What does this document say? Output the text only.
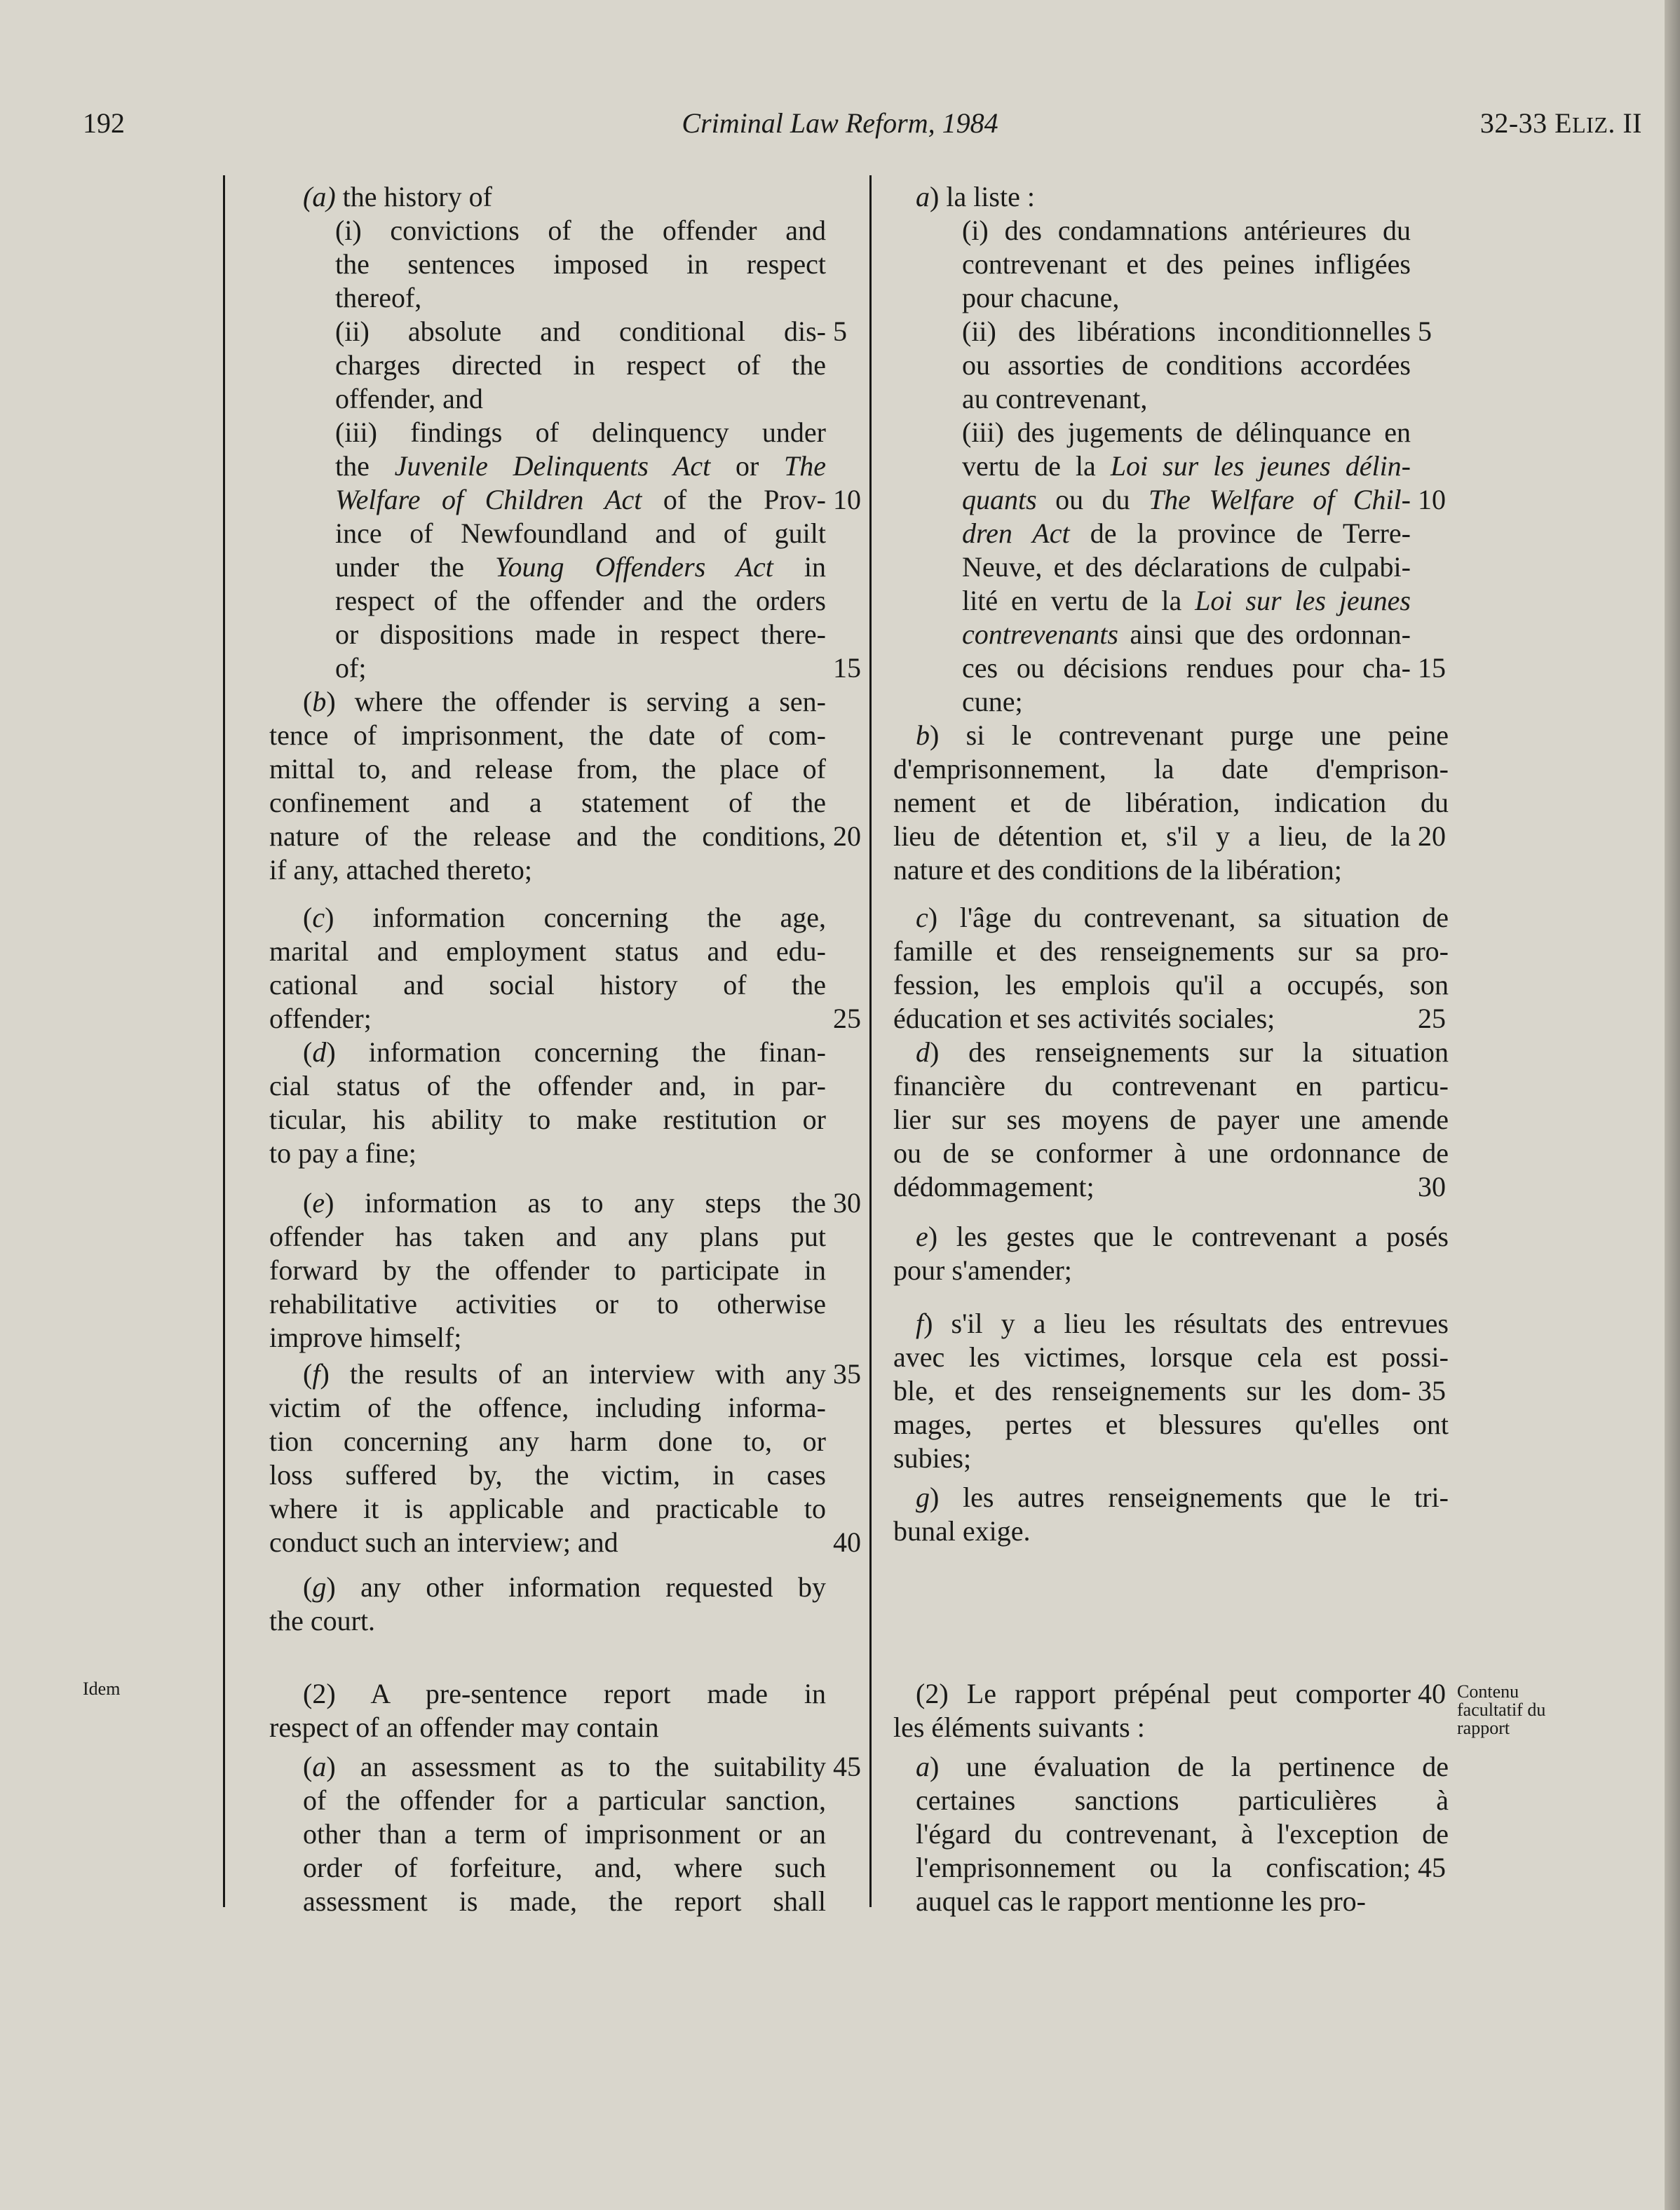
192	Criminal Law Reform, 1984	32-33 ELIZ. II
(a) the history of
(i) convictions of the offender and
the sentences imposed in respect
thereof,
(ii) absolute and conditional dis-
charges directed in respect of the
offender, and
(iii) findings of delinquency under
the Juvenile Delinquents Act or The
Welfare of Children Act of the Prov-
ince of Newfoundland and of guilt
under the Young Offenders Act in
respect of the offender and the orders
or dispositions made in respect there-
of;
(b) where the offender is serving a sen-
tence of imprisonment, the date of com-
mittal to, and release from, the place of
confinement and a statement of the
nature of the release and the conditions,
if any, attached thereto;
(c) information concerning the age,
marital and employment status and edu-
cational and social history of the
offender;
(d) information concerning the finan-
cial status of the offender and, in par-
ticular, his ability to make restitution or
to pay a fine;
(e) information as to any steps the
offender has taken and any plans put
forward by the offender to participate in
rehabilitative activities or to otherwise
improve himself;
(f) the results of an interview with any
victim of the offence, including informa-
tion concerning any harm done to, or
loss suffered by, the victim, in cases
where it is applicable and practicable to
conduct such an interview; and
(g) any other information requested by
the court.
(2) A pre-sentence report made in
respect of an offender may contain
(a) an assessment as to the suitability
of the offender for a particular sanction,
other than a term of imprisonment or an
order of forfeiture, and, where such
assessment is made, the report shall
5
10
15
20
25
30
35
40
45
a) la liste :
(i) des condamnations antérieures du
contrevenant et des peines infligées
pour chacune,
(ii) des libérations inconditionnelles
ou assorties de conditions accordées
au contrevenant,
(iii) des jugements de délinquance en
vertu de la Loi sur les jeunes délin-
quants ou du The Welfare of Chil-
dren Act de la province de Terre-
Neuve, et des déclarations de culpabi-
lité en vertu de la Loi sur les jeunes
contrevenants ainsi que des ordonnan-
ces ou décisions rendues pour cha-
cune;
b) si le contrevenant purge une peine
d'emprisonnement, la date d'emprison-
nement et de libération, indication du
lieu de détention et, s'il y a lieu, de la
nature et des conditions de la libération;
c) l'âge du contrevenant, sa situation de
famille et des renseignements sur sa pro-
fession, les emplois qu'il a occupés, son
éducation et ses activités sociales;
d) des renseignements sur la situation
financière du contrevenant en particu-
lier sur ses moyens de payer une amende
ou de se conformer à une ordonnance de
dédommagement;
e) les gestes que le contrevenant a posés
pour s'amender;
f) s'il y a lieu les résultats des entrevues
avec les victimes, lorsque cela est possi-
ble, et des renseignements sur les dom-
mages, pertes et blessures qu'elles ont
subies;
g) les autres renseignements que le tri-
bunal exige.
(2) Le rapport prépénal peut comporter
les éléments suivants :
a) une évaluation de la pertinence de
certaines sanctions particulières à
l'égard du contrevenant, à l'exception de
l'emprisonnement ou la confiscation;
auquel cas le rapport mentionne les pro-
5
10
15
20
25
30
35
40
45
Idem	Contenu
facultatif du
rapport
